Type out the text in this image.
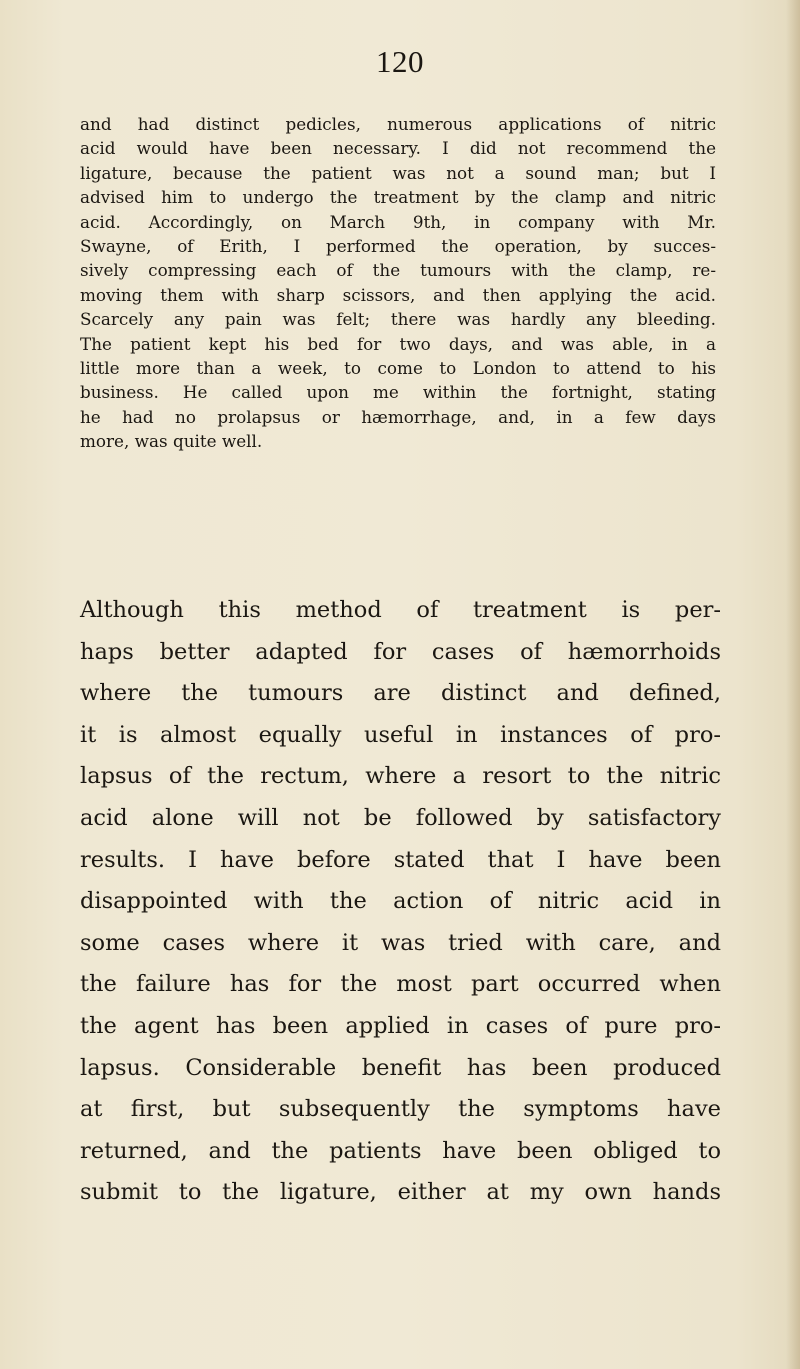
120
and had distinct pedicles, numerous applications of nitric
acid would have been necessary. I did not recommend the
ligature, because the patient was not a sound man; but I
advised him to undergo the treatment by the clamp and nitric
acid. Accordingly, on March 9th, in company with Mr.
Swayne, of Erith, I performed the operation, by succes-
sively compressing each of the tumours with the clamp, re-
moving them with sharp scissors, and then applying the acid.
Scarcely any pain was felt; there was hardly any bleeding.
The patient kept his bed for two days, and was able, in a
little more than a week, to come to London to attend to his
business. He called upon me within the fortnight, stating
he had no prolapsus or hæmorrhage, and, in a few days
more, was quite well.
Although this method of treatment is per-
haps better adapted for cases of hæmorrhoids
where the tumours are distinct and defined,
it is almost equally useful in instances of pro-
lapsus of the rectum, where a resort to the nitric
acid alone will not be followed by satisfactory
results. I have before stated that I have been
disappointed with the action of nitric acid in
some cases where it was tried with care, and
the failure has for the most part occurred when
the agent has been applied in cases of pure pro-
lapsus. Considerable benefit has been produced
at first, but subsequently the symptoms have
returned, and the patients have been obliged to
submit to the ligature, either at my own hands
